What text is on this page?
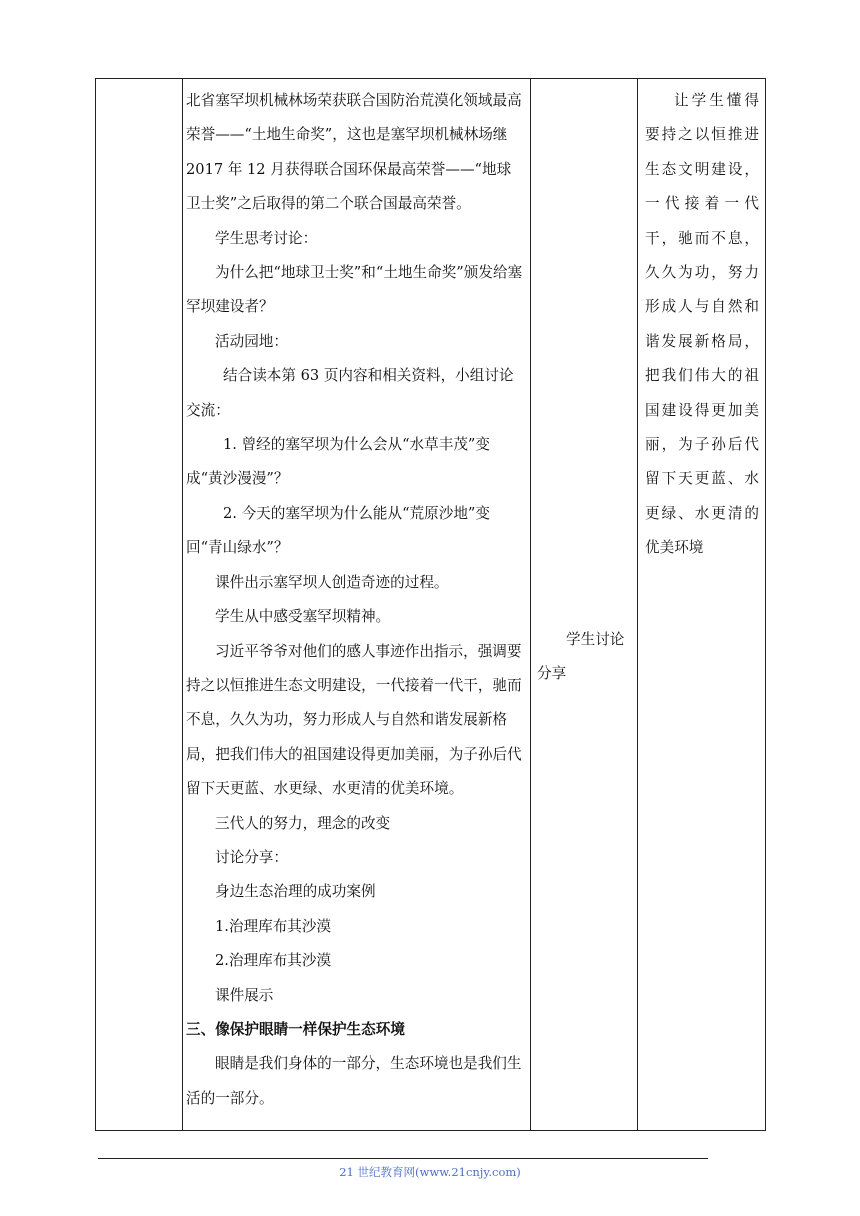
北省塞罕坝机械林场荣获联合国防治荒漠化领域最高荣誉——“土地生命奖”，这也是塞罕坝机械林场继 2017 年 12 月获得联合国环保最高荣誉——“地球卫士奖”之后取得的第二个联合国最高荣誉。

学生思考讨论：

为什么把“地球卫士奖”和“土地生命奖”颁发给塞罕坝建设者？

活动园地：

结合读本第 63 页内容和相关资料，小组讨论交流：

1. 曾经的塞罕坝为什么会从“水草丰茂”变成“黄沙漫漫”？

2. 今天的塞罕坝为什么能从“荒原沙地”变回“青山绿水”？

课件出示塞罕坝人创造奇迹的过程。

学生从中感受塞罕坝精神。

习近平爷爷对他们的感人事迹作出指示，强调要持之以恒推进生态文明建设，一代接着一代干，驰而不息，久久为功，努力形成人与自然和谐发展新格局，把我们伟大的祖国建设得更加美丽，为子孙后代留下天更蓝、水更绿、水更清的优美环境。

三代人的努力，理念的改变

讨论分享：

身边生态治理的成功案例

1.治理库布其沙漠

2.治理库布其沙漠

课件展示

三、像保护眼睛一样保护生态环境

眼睛是我们身体的一部分，生态环境也是我们生活的一部分。

学生讨论分享

让学生懂得要持之以恒推进生态文明建设，一代接着一代干，驰而不息，久久为功，努力形成人与自然和谐发展新格局，把我们伟大的祖国建设得更加美丽，为子孙后代留下天更蓝、水更绿、水更清的优美环境

21 世纪教育网(www.21cnjy.com)
